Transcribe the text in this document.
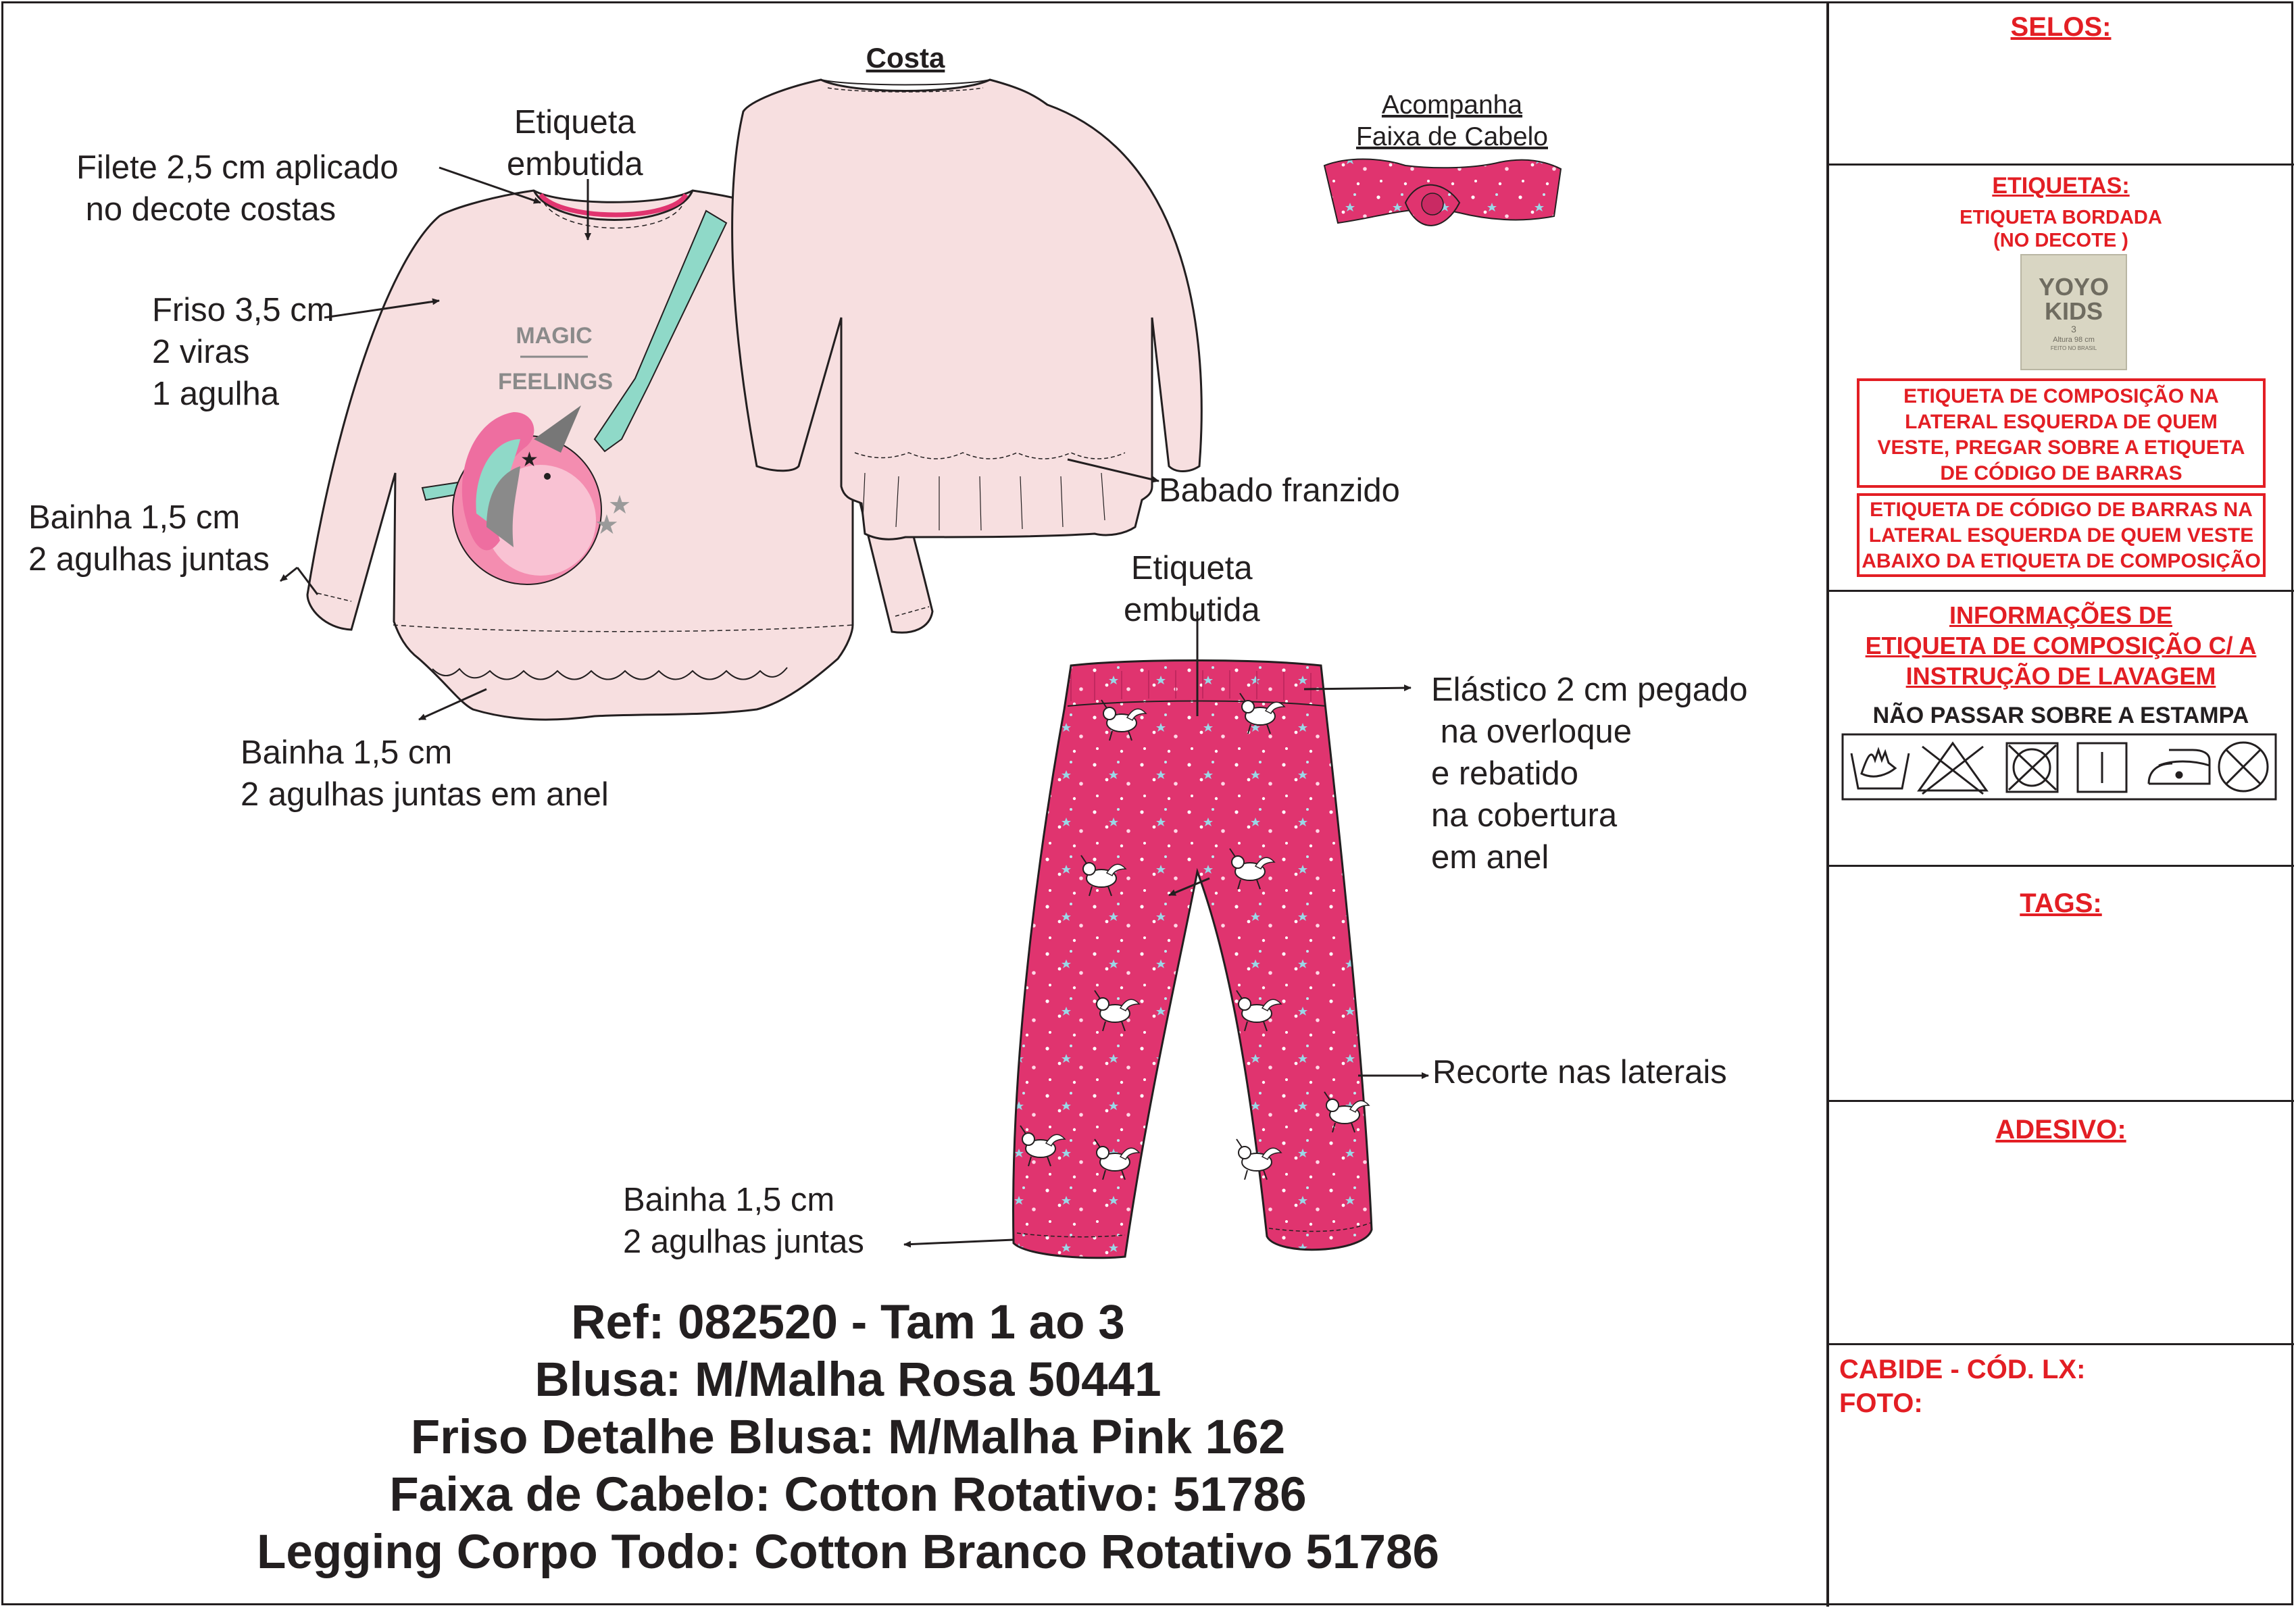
MAGIC
FEELINGS
★
★
★
Costa
Acompanha
Faixa de Cabelo
Filete 2,5 cm aplicado
no decote costas
Etiqueta
embutida
Friso 3,5 cm
2 viras
1 agulha
Bainha 1,5 cm
2 agulhas juntas
Bainha 1,5 cm
2 agulhas juntas em anel
Babado franzido
Etiqueta
embutida
Elástico 2 cm pegado
na overloque
e rebatido
na cobertura
em anel
Recorte nas laterais
Bainha 1,5 cm
2 agulhas juntas
Ref: 082520 - Tam 1 ao 3
Blusa: M/Malha Rosa 50441
Friso Detalhe Blusa: M/Malha Pink 162
Faixa de Cabelo: Cotton Rotativo: 51786
Legging Corpo Todo: Cotton Branco Rotativo 51786
SELOS:
ETIQUETAS:
ETIQUETA BORDADA
(NO DECOTE )
YOYO
KIDS
3
Altura 98 cm
FEITO NO BRASIL
ETIQUETA DE COMPOSIÇÃO NA
LATERAL ESQUERDA DE QUEM
VESTE, PREGAR SOBRE A ETIQUETA
DE CÓDIGO DE BARRAS
ETIQUETA DE CÓDIGO DE BARRAS NA
LATERAL ESQUERDA DE QUEM VESTE
ABAIXO DA ETIQUETA DE COMPOSIÇÃO
INFORMAÇÕES DE
ETIQUETA DE COMPOSIÇÃO C/ A
INSTRUÇÃO DE LAVAGEM
NÃO PASSAR SOBRE A ESTAMPA
TAGS:
ADESIVO:
CABIDE - CÓD. LX:
FOTO:
